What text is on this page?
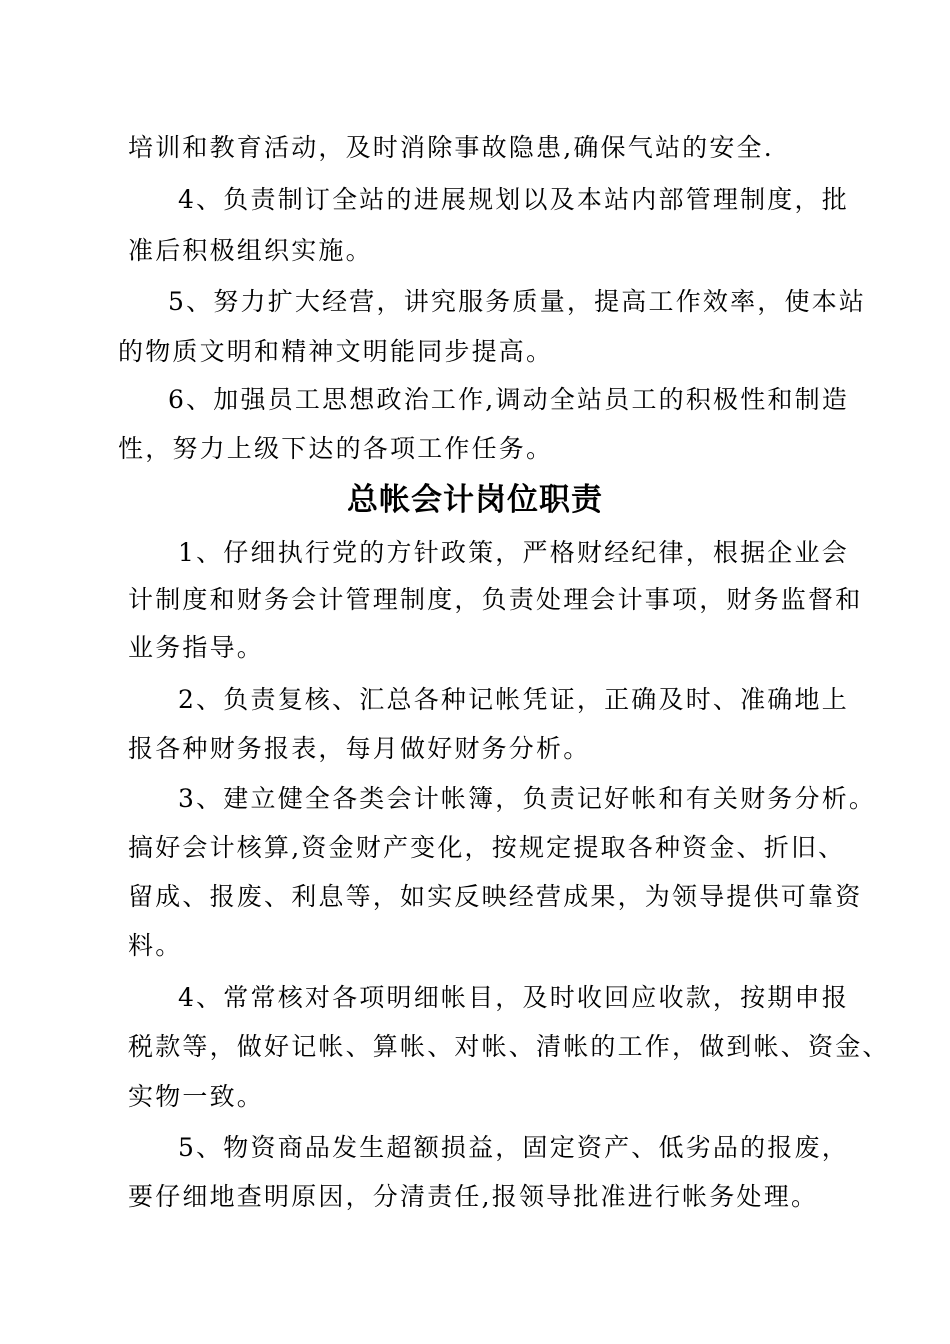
培训和教育活动，及时消除事故隐患,确保气站的安全.
4、负责制订全站的进展规划以及本站内部管理制度，批
准后积极组织实施。
5、努力扩大经营，讲究服务质量，提高工作效率，使本站
的物质文明和精神文明能同步提高。
6、加强员工思想政治工作,调动全站员工的积极性和制造
性，努力上级下达的各项工作任务。
总帐会计岗位职责
1、仔细执行党的方针政策，严格财经纪律，根据企业会
计制度和财务会计管理制度，负责处理会计事项，财务监督和
业务指导。
2、负责复核、汇总各种记帐凭证，正确及时、准确地上
报各种财务报表，每月做好财务分析。
3、建立健全各类会计帐簿，负责记好帐和有关财务分析。
搞好会计核算,资金财产变化，按规定提取各种资金、折旧、
留成、报废、利息等，如实反映经营成果，为领导提供可靠资
料。
4、常常核对各项明细帐目，及时收回应收款，按期申报
税款等，做好记帐、算帐、对帐、清帐的工作，做到帐、资金、
实物一致。
5、物资商品发生超额损益，固定资产、低劣品的报废，
要仔细地查明原因，分清责任,报领导批准进行帐务处理。
